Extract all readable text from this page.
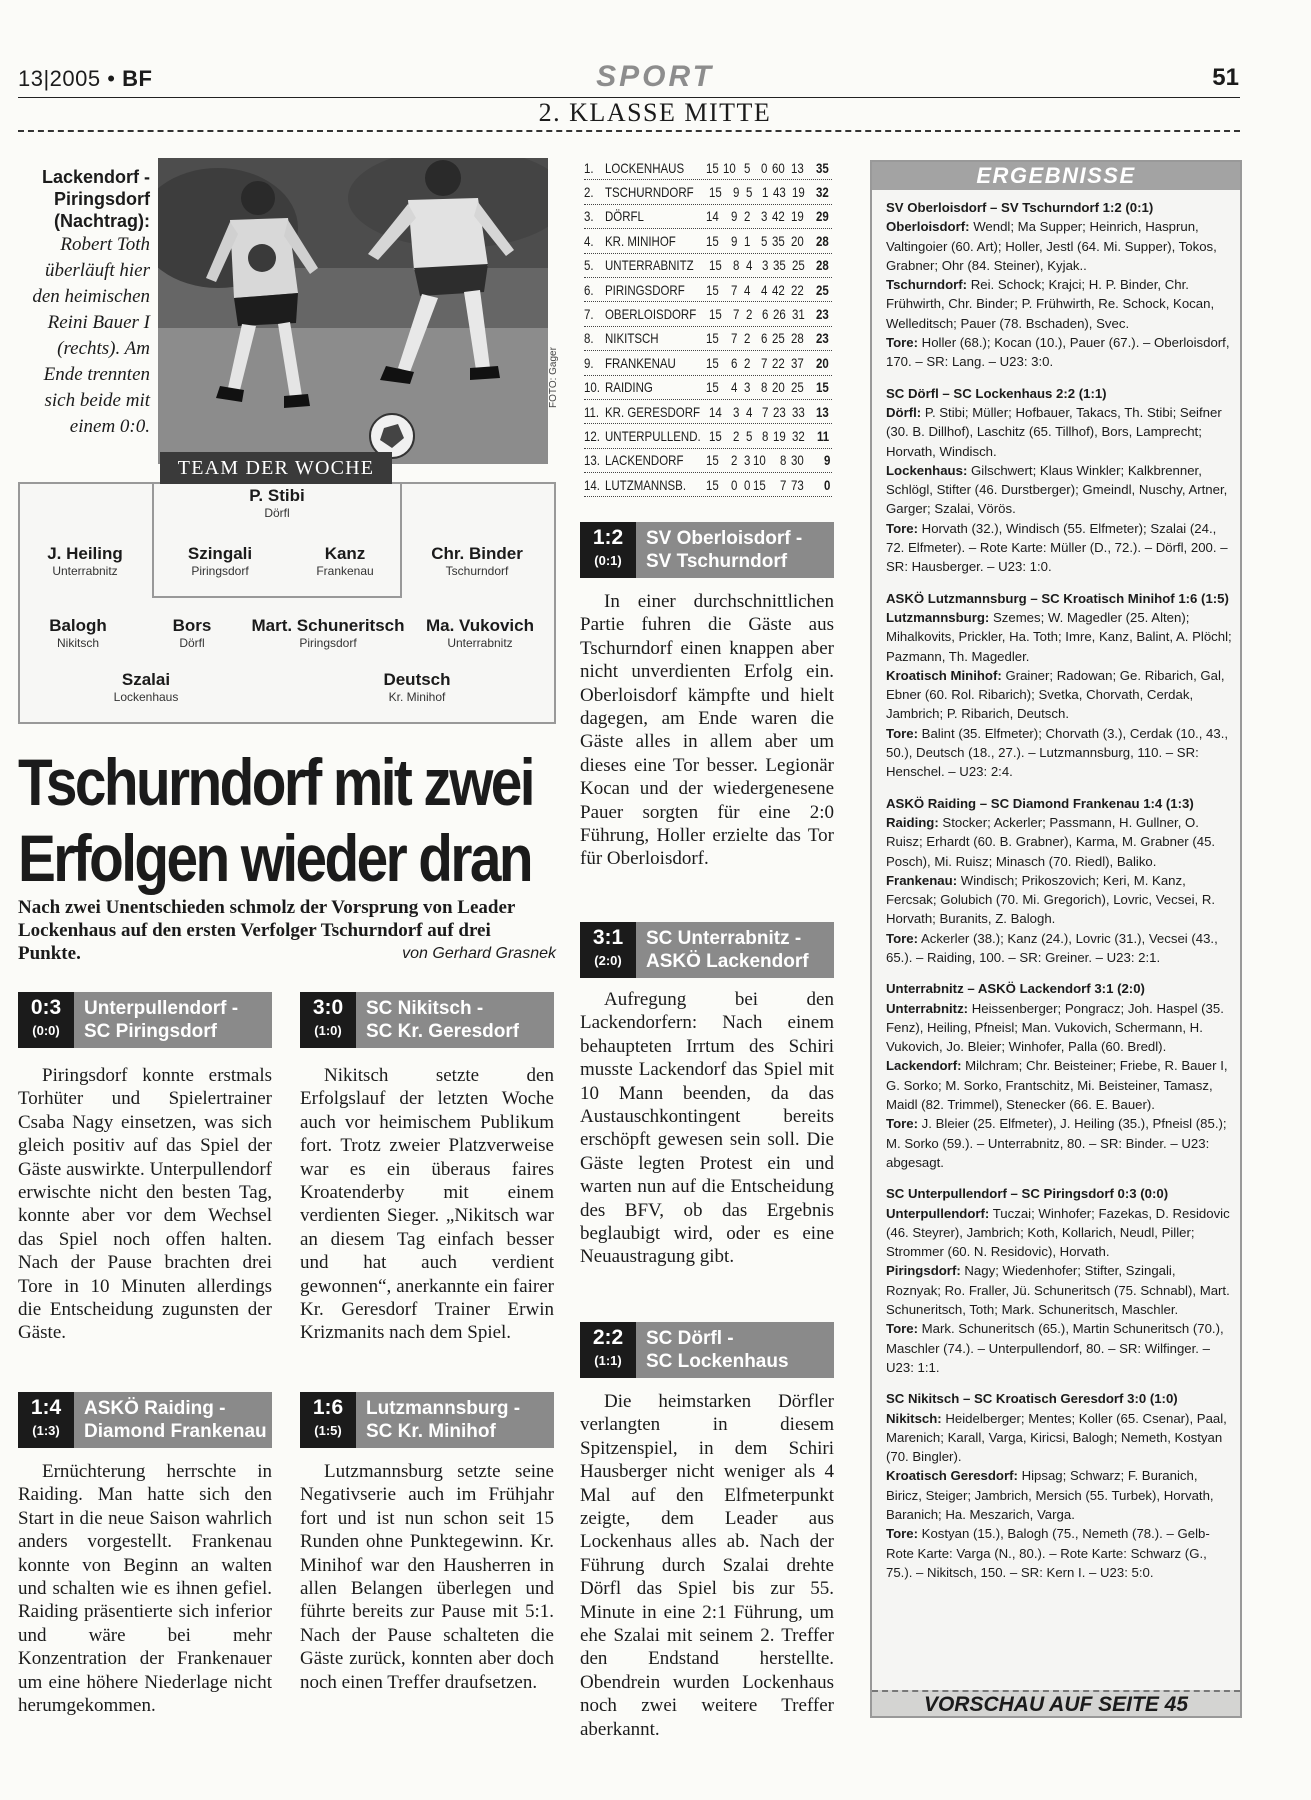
13|2005 • BF	SPORT	51
2. KLASSE MITTE
Lackendorf - Piringsdorf (Nachtrag):
Robert Toth überläuft hier den heimischen Reini Bauer I (rechts). Am Ende trennten sich beide mit einem 0:0.
FOTO: Gager
TEAM DER WOCHE
P. Stibi
Dörfl
J. Heiling
Unterrabnitz
Szingali
Piringsdorf
Kanz
Frankenau
Chr. Binder
Tschurndorf
Balogh
Nikitsch
Bors
Dörfl
Mart. Schuneritsch
Piringsdorf
Ma. Vukovich
Unterrabnitz
Szalai
Lockenhaus
Deutsch
Kr. Minihof
Tschurndorf mit zwei
Erfolgen wieder dran
Nach zwei Unentschieden schmolz der Vorsprung von Leader Lockenhaus auf den ersten Verfolger Tschurndorf auf drei Punkte.	von Gerhard Grasnek
0:3
(0:0)
Unterpullendorf -
SC Piringsdorf

Piringsdorf konnte erstmals Torhüter und Spielertrainer Csaba Nagy einsetzen, was sich gleich positiv auf das Spiel der Gäste auswirkte. Unterpullendorf erwischte nicht den besten Tag, konnte aber vor dem Wechsel das Spiel noch offen halten. Nach der Pause brachten drei Tore in 10 Minuten allerdings die Entscheidung zugunsten der Gäste.

3:0
(1:0)
SC Nikitsch -
SC Kr. Geresdorf

Nikitsch setzte den Erfolgslauf der letzten Woche auch vor heimischem Publikum fort. Trotz zweier Platzverweise war es ein überaus faires Kroatenderby mit einem verdienten Sieger. „Nikitsch war an diesem Tag einfach besser und hat auch verdient gewonnen“, anerkannte ein fairer Kr. Geresdorf Trainer Erwin Krizmanits nach dem Spiel.

1:4
(1:3)
ASKÖ Raiding -
Diamond Frankenau

Ernüchterung herrschte in Raiding. Man hatte sich den Start in die neue Saison wahrlich anders vorgestellt. Frankenau konnte von Beginn an walten und schalten wie es ihnen gefiel. Raiding präsentierte sich inferior und wäre bei mehr Konzentration der Frankenauer um eine höhere Niederlage nicht herumgekommen.

1:6
(1:5)
Lutzmannsburg -
SC Kr. Minihof

Lutzmannsburg setzte seine Negativserie auch im Frühjahr fort und ist nun schon seit 15 Runden ohne Punktegewinn. Kr. Minihof war den Hausherren in allen Belangen überlegen und führte bereits zur Pause mit 5:1. Nach der Pause schalteten die Gäste zurück, konnten aber doch noch einen Treffer draufsetzen.

1. LOCKENHAUS	15 10 5 0 60 13 35
2. TSCHURNDORF	15 9 5 1 43 19 32
3. DÖRFL	14 9 2 3 42 19 29
4. KR. MINIHOF	15 9 1 5 35 20 28
5. UNTERRABNITZ	15 8 4 3 35 25 28
6. PIRINGSDORF	15 7 4 4 42 22 25
7. OBERLOISDORF 15 7 2 6 26 31 23
8. NIKITSCH	15 7 2 6 25 28 23
9. FRANKENAU	15 6 2 7 22 37 20
10. RAIDING	15 4 3 8 20 25 15
11. KR. GERESDORF 14 3 4 7 23 33 13
12. UNTERPULLEND. 15 2 5 8 19 32 11
13. LACKENDORF	15 2 3 10	8 30	9
14. LUTZMANNSB.	15 0 0 15	7 73	0
1:2
(0:1)
SV Oberloisdorf -
SV Tschurndorf

In einer durchschnittlichen Partie fuhren die Gäste aus Tschurndorf einen knappen aber nicht unverdienten Erfolg ein. Oberloisdorf kämpfte und hielt dagegen, am Ende waren die Gäste alles in allem aber um dieses eine Tor besser. Legionär Kocan und der wiedergenesene Pauer sorgten für eine 2:0 Führung, Holler erzielte das Tor für Oberloisdorf.

3:1
(2:0)
SC Unterrabnitz -
ASKÖ Lackendorf

Aufregung bei den Lackendorfern: Nach einem behaupteten Irrtum des Schiri musste Lackendorf das Spiel mit 10 Mann beenden, da das Austauschkontingent bereits erschöpft gewesen sein soll. Die Gäste legten Protest ein und warten nun auf die Entscheidung des BFV, ob das Ergebnis beglaubigt wird, oder es eine Neuaustragung gibt.

2:2
(1:1)
SC Dörfl -
SC Lockenhaus

Die heimstarken Dörfler verlangten in diesem Spitzenspiel, in dem Schiri Hausberger nicht weniger als 4 Mal auf den Elfmeterpunkt zeigte, dem Leader aus Lockenhaus alles ab. Nach der Führung durch Szalai drehte Dörfl das Spiel bis zur 55. Minute in eine 2:1 Führung, um ehe Szalai mit seinem 2. Treffer den Endstand herstellte. Obendrein wurden Lockenhaus noch zwei weitere Treffer aberkannt.

ERGEBNISSE
SV Oberloisdorf – SV Tschurndorf 1:2 (0:1)
Oberloisdorf: Wendl; Ma Supper; Heinrich, Hasprun, Valtingoier (60. Art); Holler, Jestl (64. Mi. Supper), Tokos, Grabner; Ohr (84. Steiner), Kyjak..
Tschurndorf: Rei. Schock; Krajci; H. P. Binder, Chr. Frühwirth, Chr. Binder; P. Frühwirth, Re. Schock, Kocan, Welleditsch; Pauer (78. Bschaden), Svec.
Tore: Holler (68.); Kocan (10.), Pauer (67.). – Oberloisdorf, 170. – SR: Lang. – U23: 3:0.
SC Dörfl – SC Lockenhaus 2:2 (1:1)
Dörfl: P. Stibi; Müller; Hofbauer, Takacs, Th. Stibi; Seifner (30. B. Dillhof), Laschitz (65. Tillhof), Bors, Lamprecht; Horvath, Windisch.
Lockenhaus: Gilschwert; Klaus Winkler; Kalkbrenner, Schlögl, Stifter (46. Durstberger); Gmeindl, Nuschy, Artner, Garger; Szalai, Vörös.
Tore: Horvath (32.), Windisch (55. Elfmeter); Szalai (24., 72. Elfmeter). – Rote Karte: Müller (D., 72.). – Dörfl, 200. – SR: Hausberger. – U23: 1:0.
ASKÖ Lutzmannsburg – SC Kroatisch Minihof 1:6 (1:5)
Lutzmannsburg: Szemes; W. Magedler (25. Alten); Mihalkovits, Prickler, Ha. Toth; Imre, Kanz, Balint, A. Plöchl; Pazmann, Th. Magedler.
Kroatisch Minihof: Grainer; Radowan; Ge. Ribarich, Gal, Ebner (60. Rol. Ribarich); Svetka, Chorvath, Cerdak, Jambrich; P. Ribarich, Deutsch.
Tore: Balint (35. Elfmeter); Chorvath (3.), Cerdak (10., 43., 50.), Deutsch (18., 27.). – Lutzmannsburg, 110. – SR: Henschel. – U23: 2:4.
ASKÖ Raiding – SC Diamond Frankenau 1:4 (1:3)
Raiding: Stocker; Ackerler; Passmann, H. Gullner, O. Ruisz; Erhardt (60. B. Grabner), Karma, M. Grabner (45. Posch), Mi. Ruisz; Minasch (70. Riedl), Baliko.
Frankenau: Windisch; Prikoszovich; Keri, M. Kanz, Fercsak; Golubich (70. Mi. Gregorich), Lovric, Vecsei, R. Horvath; Buranits, Z. Balogh.
Tore: Ackerler (38.); Kanz (24.), Lovric (31.), Vecsei (43., 65.). – Raiding, 100. – SR: Greiner. – U23: 2:1.
Unterrabnitz – ASKÖ Lackendorf 3:1 (2:0)
Unterrabnitz: Heissenberger; Pongracz; Joh. Haspel (35. Fenz), Heiling, Pfneisl; Man. Vukovich, Schermann, H. Vukovich, Jo. Bleier; Winhofer, Palla (60. Bredl).
Lackendorf: Milchram; Chr. Beisteiner; Friebe, R. Bauer I, G. Sorko; M. Sorko, Frantschitz, Mi. Beisteiner, Tamasz, Maidl (82. Trimmel), Stenecker (66. E. Bauer).
Tore: J. Bleier (25. Elfmeter), J. Heiling (35.), Pfneisl (85.); M. Sorko (59.). – Unterrabnitz, 80. – SR: Binder. – U23: abgesagt.
SC Unterpullendorf – SC Piringsdorf 0:3 (0:0)
Unterpullendorf: Tuczai; Winhofer; Fazekas, D. Residovic (46. Steyrer), Jambrich; Koth, Kollarich, Neudl, Piller; Strommer (60. N. Residovic), Horvath.
Piringsdorf: Nagy; Wiedenhofer; Stifter, Szingali, Roznyak; Ro. Fraller, Jü. Schuneritsch (75. Schnabl), Mart. Schuneritsch, Toth; Mark. Schuneritsch, Maschler.
Tore: Mark. Schuneritsch (65.), Martin Schuneritsch (70.), Maschler (74.). – Unterpullendorf, 80. – SR: Wilfinger. – U23: 1:1.
SC Nikitsch – SC Kroatisch Geresdorf 3:0 (1:0)
Nikitsch: Heidelberger; Mentes; Koller (65. Csenar), Paal, Marenich; Karall, Varga, Kiricsi, Balogh; Nemeth, Kostyan (70. Bingler).
Kroatisch Geresdorf: Hipsag; Schwarz; F. Buranich, Biricz, Steiger; Jambrich, Mersich (55. Turbek), Horvath, Baranich; Ha. Meszarich, Varga.
Tore: Kostyan (15.), Balogh (75., Nemeth (78.). – Gelb-Rote Karte: Varga (N., 80.). – Rote Karte: Schwarz (G., 75.). – Nikitsch, 150. – SR: Kern I. – U23: 5:0.
VORSCHAU AUF SEITE 45
